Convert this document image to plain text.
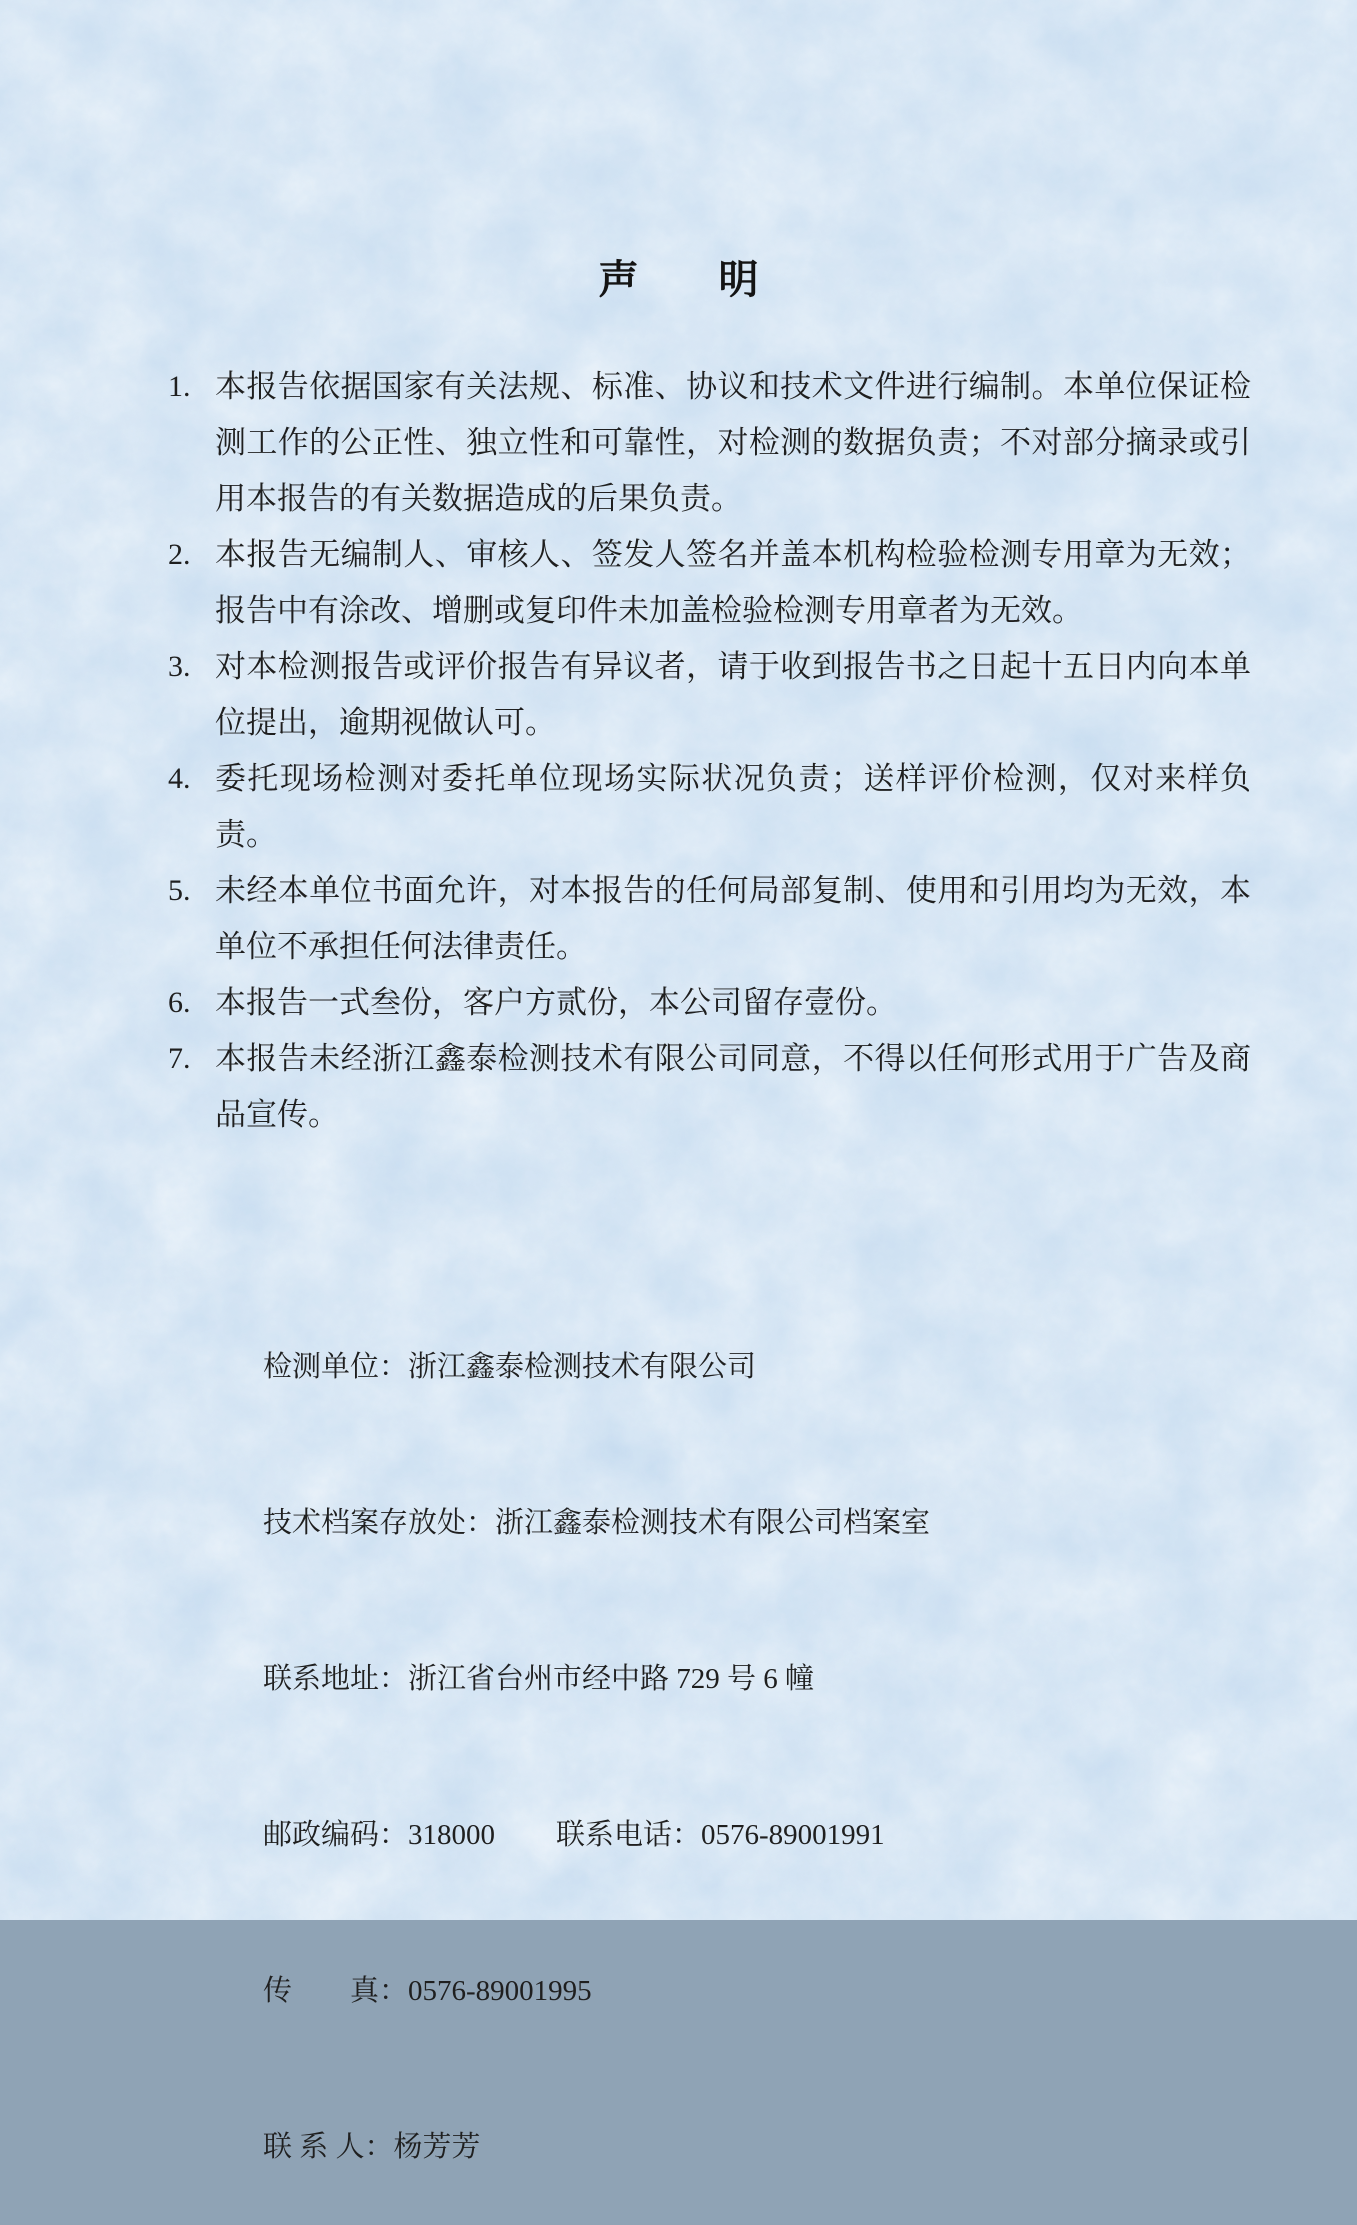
声　　明
1. 本报告依据国家有关法规、标准、协议和技术文件进行编制。本单位保证检测工作的公正性、独立性和可靠性，对检测的数据负责；不对部分摘录或引用本报告的有关数据造成的后果负责。
2. 本报告无编制人、审核人、签发人签名并盖本机构检验检测专用章为无效；报告中有涂改、增删或复印件未加盖检验检测专用章者为无效。
3. 对本检测报告或评价报告有异议者，请于收到报告书之日起十五日内向本单位提出，逾期视做认可。
4. 委托现场检测对委托单位现场实际状况负责；送样评价检测，仅对来样负责。
5. 未经本单位书面允许，对本报告的任何局部复制、使用和引用均为无效，本单位不承担任何法律责任。
6. 本报告一式叁份，客户方贰份，本公司留存壹份。
7. 本报告未经浙江鑫泰检测技术有限公司同意，不得以任何形式用于广告及商品宣传。

检测单位：浙江鑫泰检测技术有限公司

技术档案存放处：浙江鑫泰检测技术有限公司档案室

联系地址：浙江省台州市经中路 729 号 6 幢

邮政编码：318000 联系电话：0576-89001991

传　　真：0576-89001995

联 系 人：杨芳芳
